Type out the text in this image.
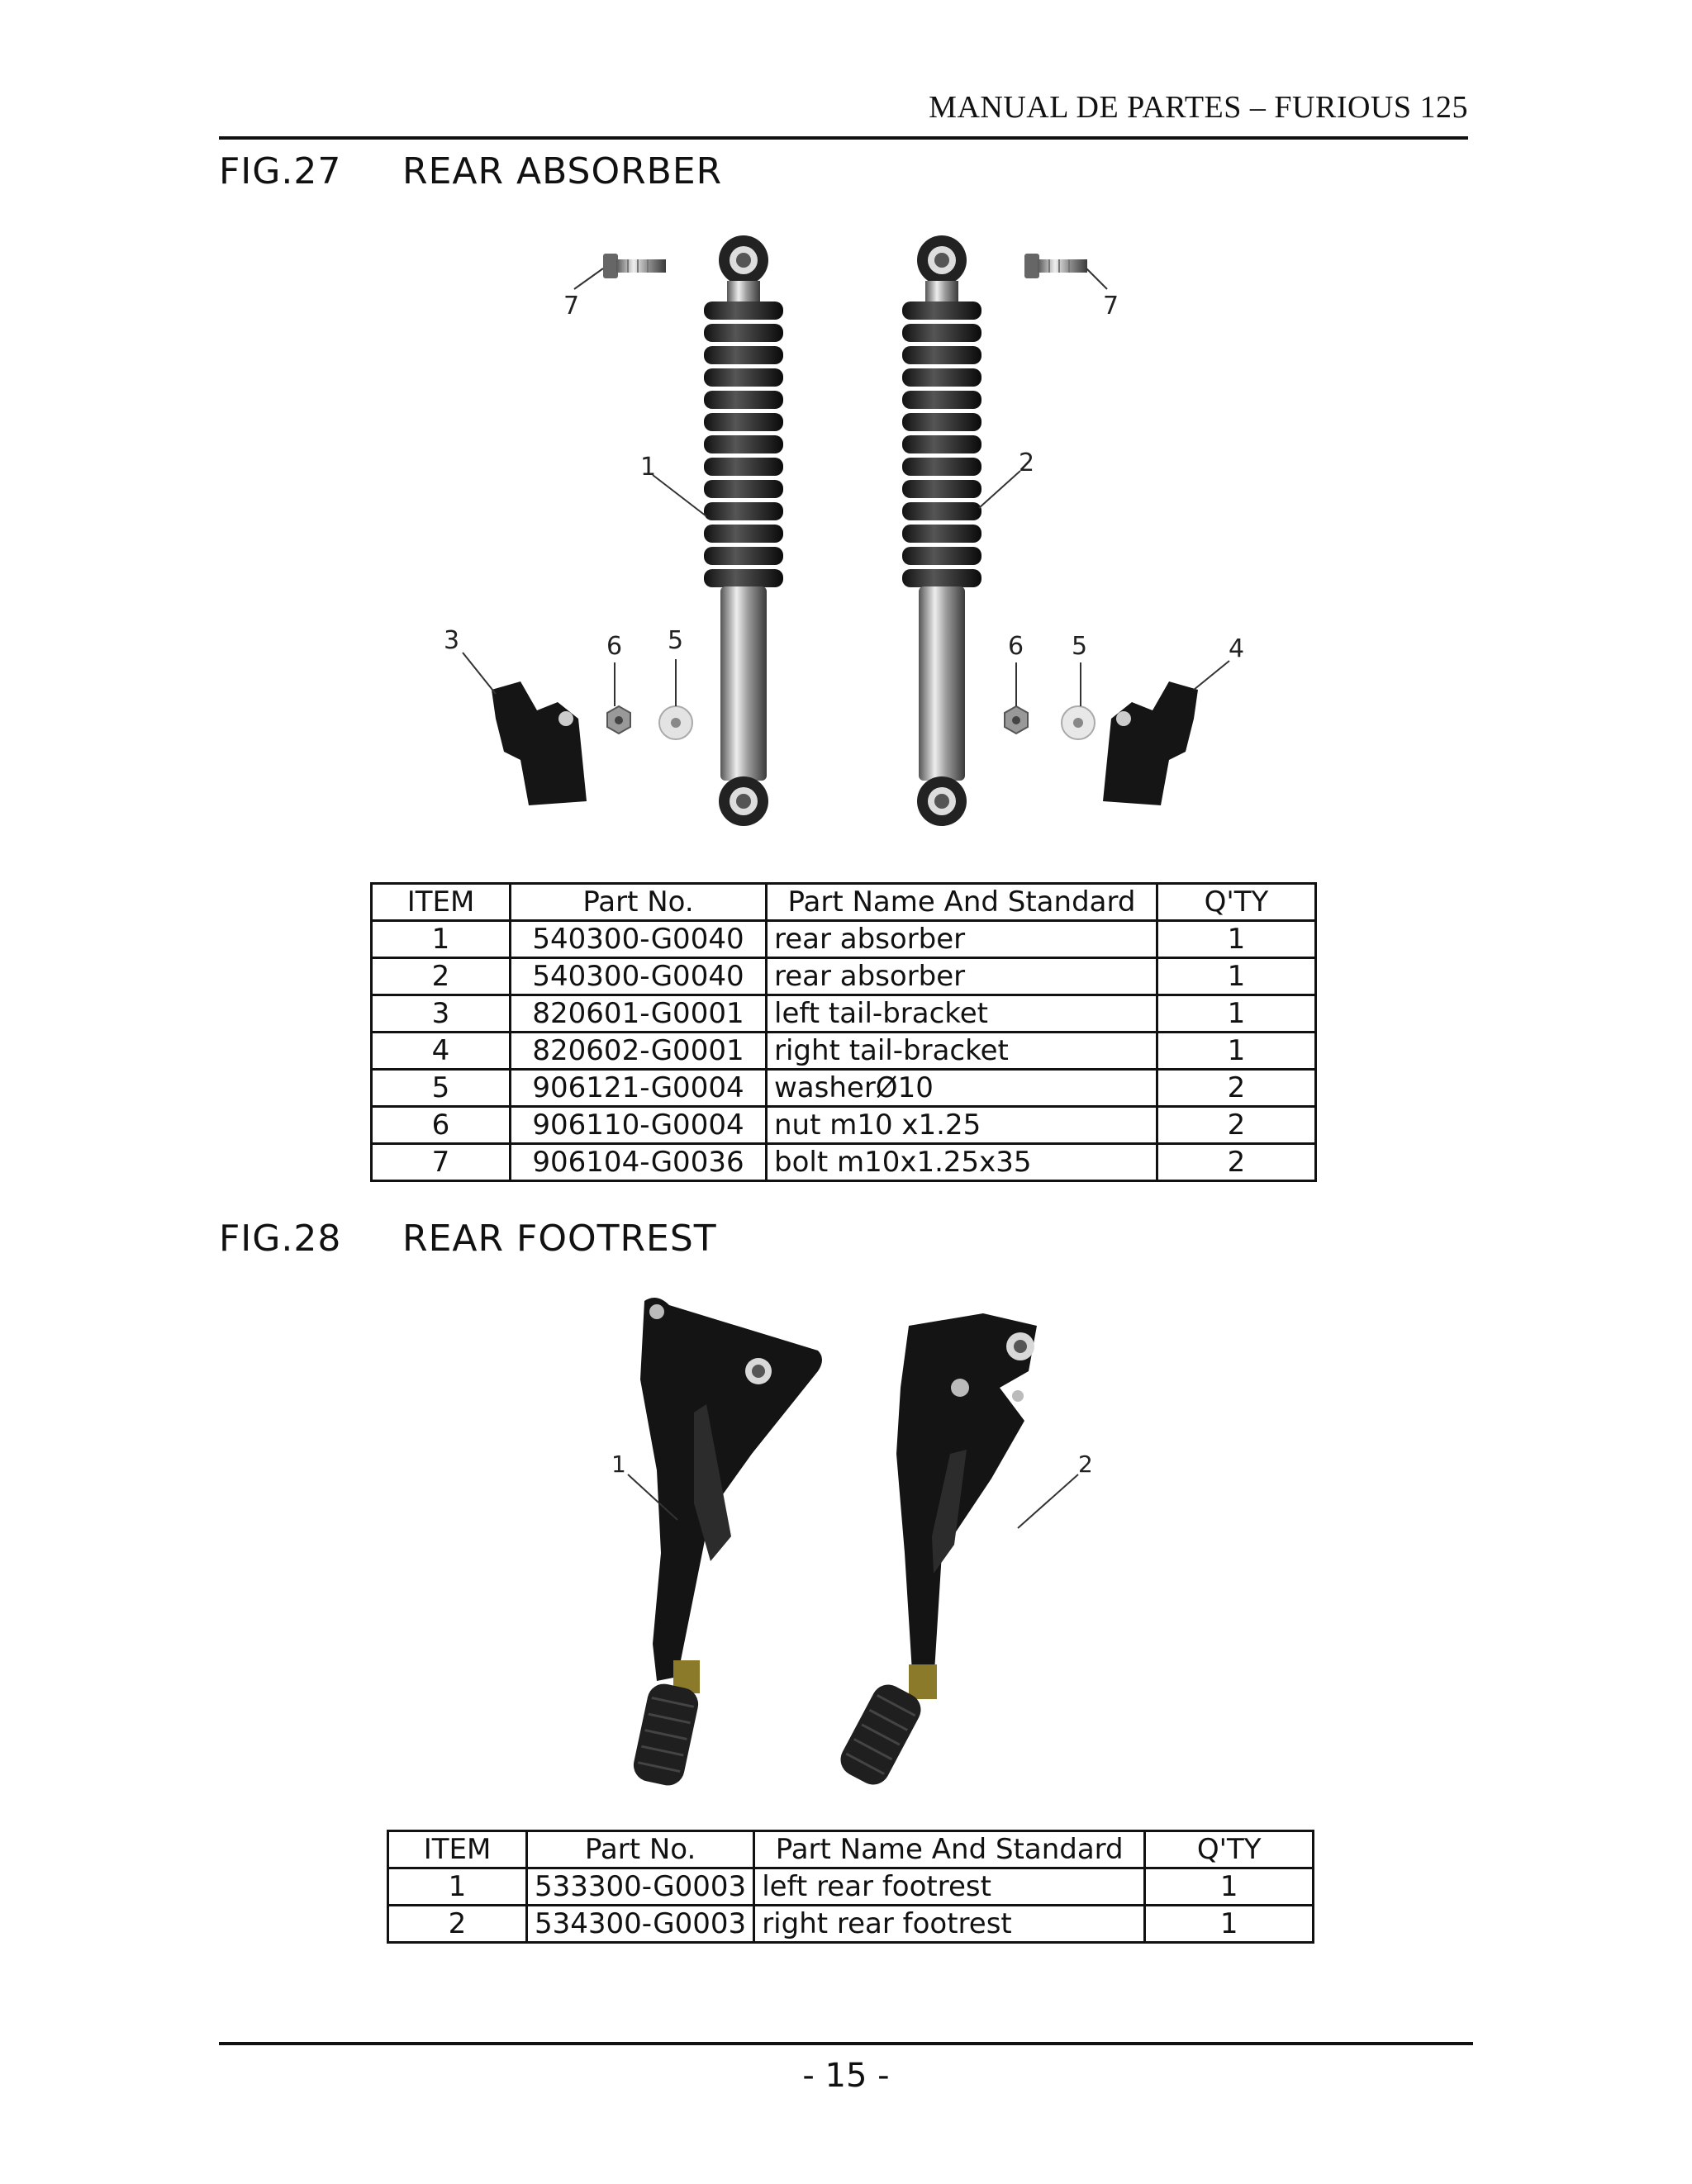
MANUAL DE PARTES – FURIOUS 125
FIG.27 REAR ABSORBER
7	7
1	2
3	6 5	6 5	4
ITEM	Part No.	Part Name And Standard	Q'TY
1	540300-G0040	rear absorber	1
2	540300-G0040	rear absorber	1
3	820601-G0001	left tail-bracket	1
4	820602-G0001	right tail-bracket	1
5	906121-G0004	washerØ10	2
6	906110-G0004	nut m10 x1.25	2
7	906104-G0036	bolt m10x1.25x35	2
FIG.28 REAR FOOTREST
1	2
ITEM	Part No.	Part Name And Standard	Q'TY
1	533300-G0003	left rear footrest	1
2	534300-G0003	right rear footrest	1
- 15 -
